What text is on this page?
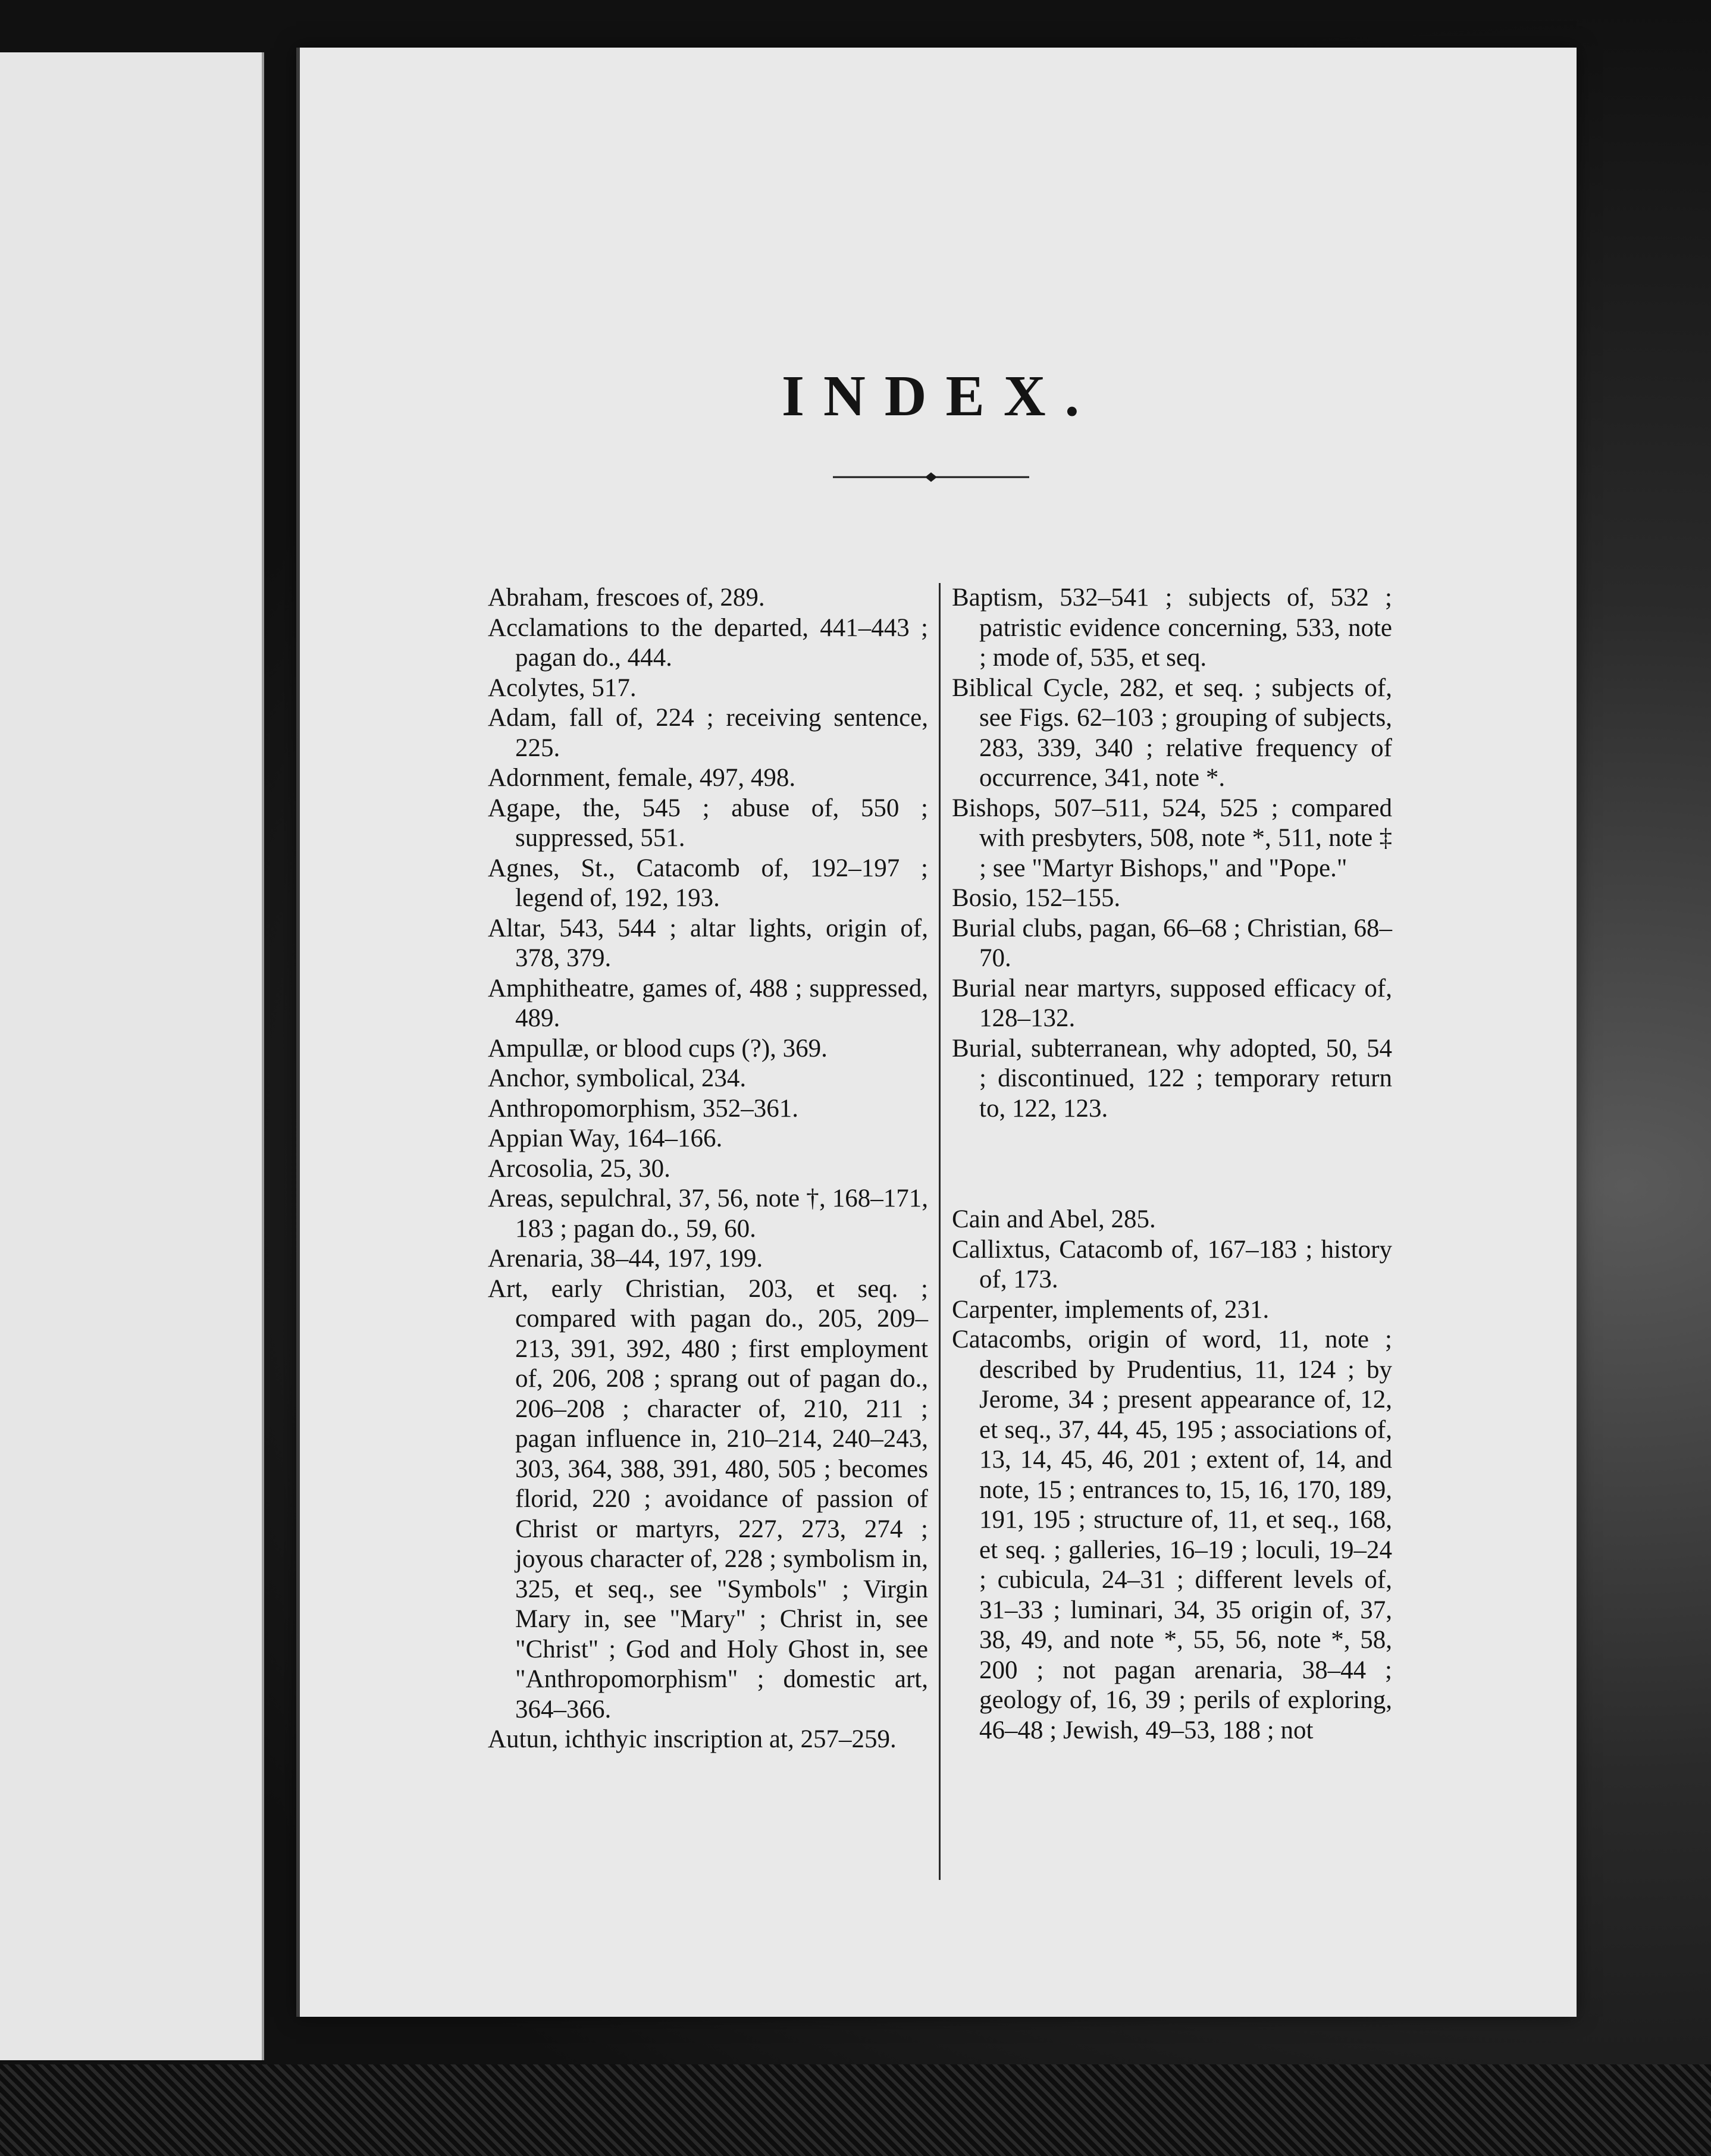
INDEX.

Abraham, frescoes of, 289.

Acclamations to the departed, 441–443 ; pagan do., 444.

Acolytes, 517.

Adam, fall of, 224 ; receiving sentence, 225.

Adornment, female, 497, 498.

Agape, the, 545 ; abuse of, 550 ; suppressed, 551.

Agnes, St., Catacomb of, 192–197 ; legend of, 192, 193.

Altar, 543, 544 ; altar lights, origin of, 378, 379.

Amphitheatre, games of, 488 ; suppressed, 489.

Ampullæ, or blood cups (?), 369.

Anchor, symbolical, 234.

Anthropomorphism, 352–361.

Appian Way, 164–166.

Arcosolia, 25, 30.

Areas, sepulchral, 37, 56, note †, 168–171, 183 ; pagan do., 59, 60.

Arenaria, 38–44, 197, 199.

Art, early Christian, 203, et seq. ; compared with pagan do., 205, 209–213, 391, 392, 480 ; first employment of, 206, 208 ; sprang out of pagan do., 206–208 ; character of, 210, 211 ; pagan influence in, 210–214, 240–243, 303, 364, 388, 391, 480, 505 ; becomes florid, 220 ; avoidance of passion of Christ or martyrs, 227, 273, 274 ; joyous character of, 228 ; symbolism in, 325, et seq., see "Symbols" ; Virgin Mary in, see "Mary" ; Christ in, see "Christ" ; God and Holy Ghost in, see "Anthropomorphism" ; domestic art, 364–366.

Autun, ichthyic inscription at, 257–259.

Baptism, 532–541 ; subjects of, 532 ; patristic evidence concerning, 533, note ; mode of, 535, et seq.

Biblical Cycle, 282, et seq. ; subjects of, see Figs. 62–103 ; grouping of subjects, 283, 339, 340 ; relative frequency of occurrence, 341, note *.

Bishops, 507–511, 524, 525 ; compared with presbyters, 508, note *, 511, note ‡ ; see "Martyr Bishops," and "Pope."

Bosio, 152–155.

Burial clubs, pagan, 66–68 ; Christian, 68–70.

Burial near martyrs, supposed efficacy of, 128–132.

Burial, subterranean, why adopted, 50, 54 ; discontinued, 122 ; temporary return to, 122, 123.

Cain and Abel, 285.

Callixtus, Catacomb of, 167–183 ; history of, 173.

Carpenter, implements of, 231.

Catacombs, origin of word, 11, note ; described by Prudentius, 11, 124 ; by Jerome, 34 ; present appearance of, 12, et seq., 37, 44, 45, 195 ; associations of, 13, 14, 45, 46, 201 ; extent of, 14, and note, 15 ; entrances to, 15, 16, 170, 189, 191, 195 ; structure of, 11, et seq., 168, et seq. ; galleries, 16–19 ; loculi, 19–24 ; cubicula, 24–31 ; different levels of, 31–33 ; luminari, 34, 35 origin of, 37, 38, 49, and note *, 55, 56, note *, 58, 200 ; not pagan arenaria, 38–44 ; geology of, 16, 39 ; perils of exploring, 46–48 ; Jewish, 49–53, 188 ; not
